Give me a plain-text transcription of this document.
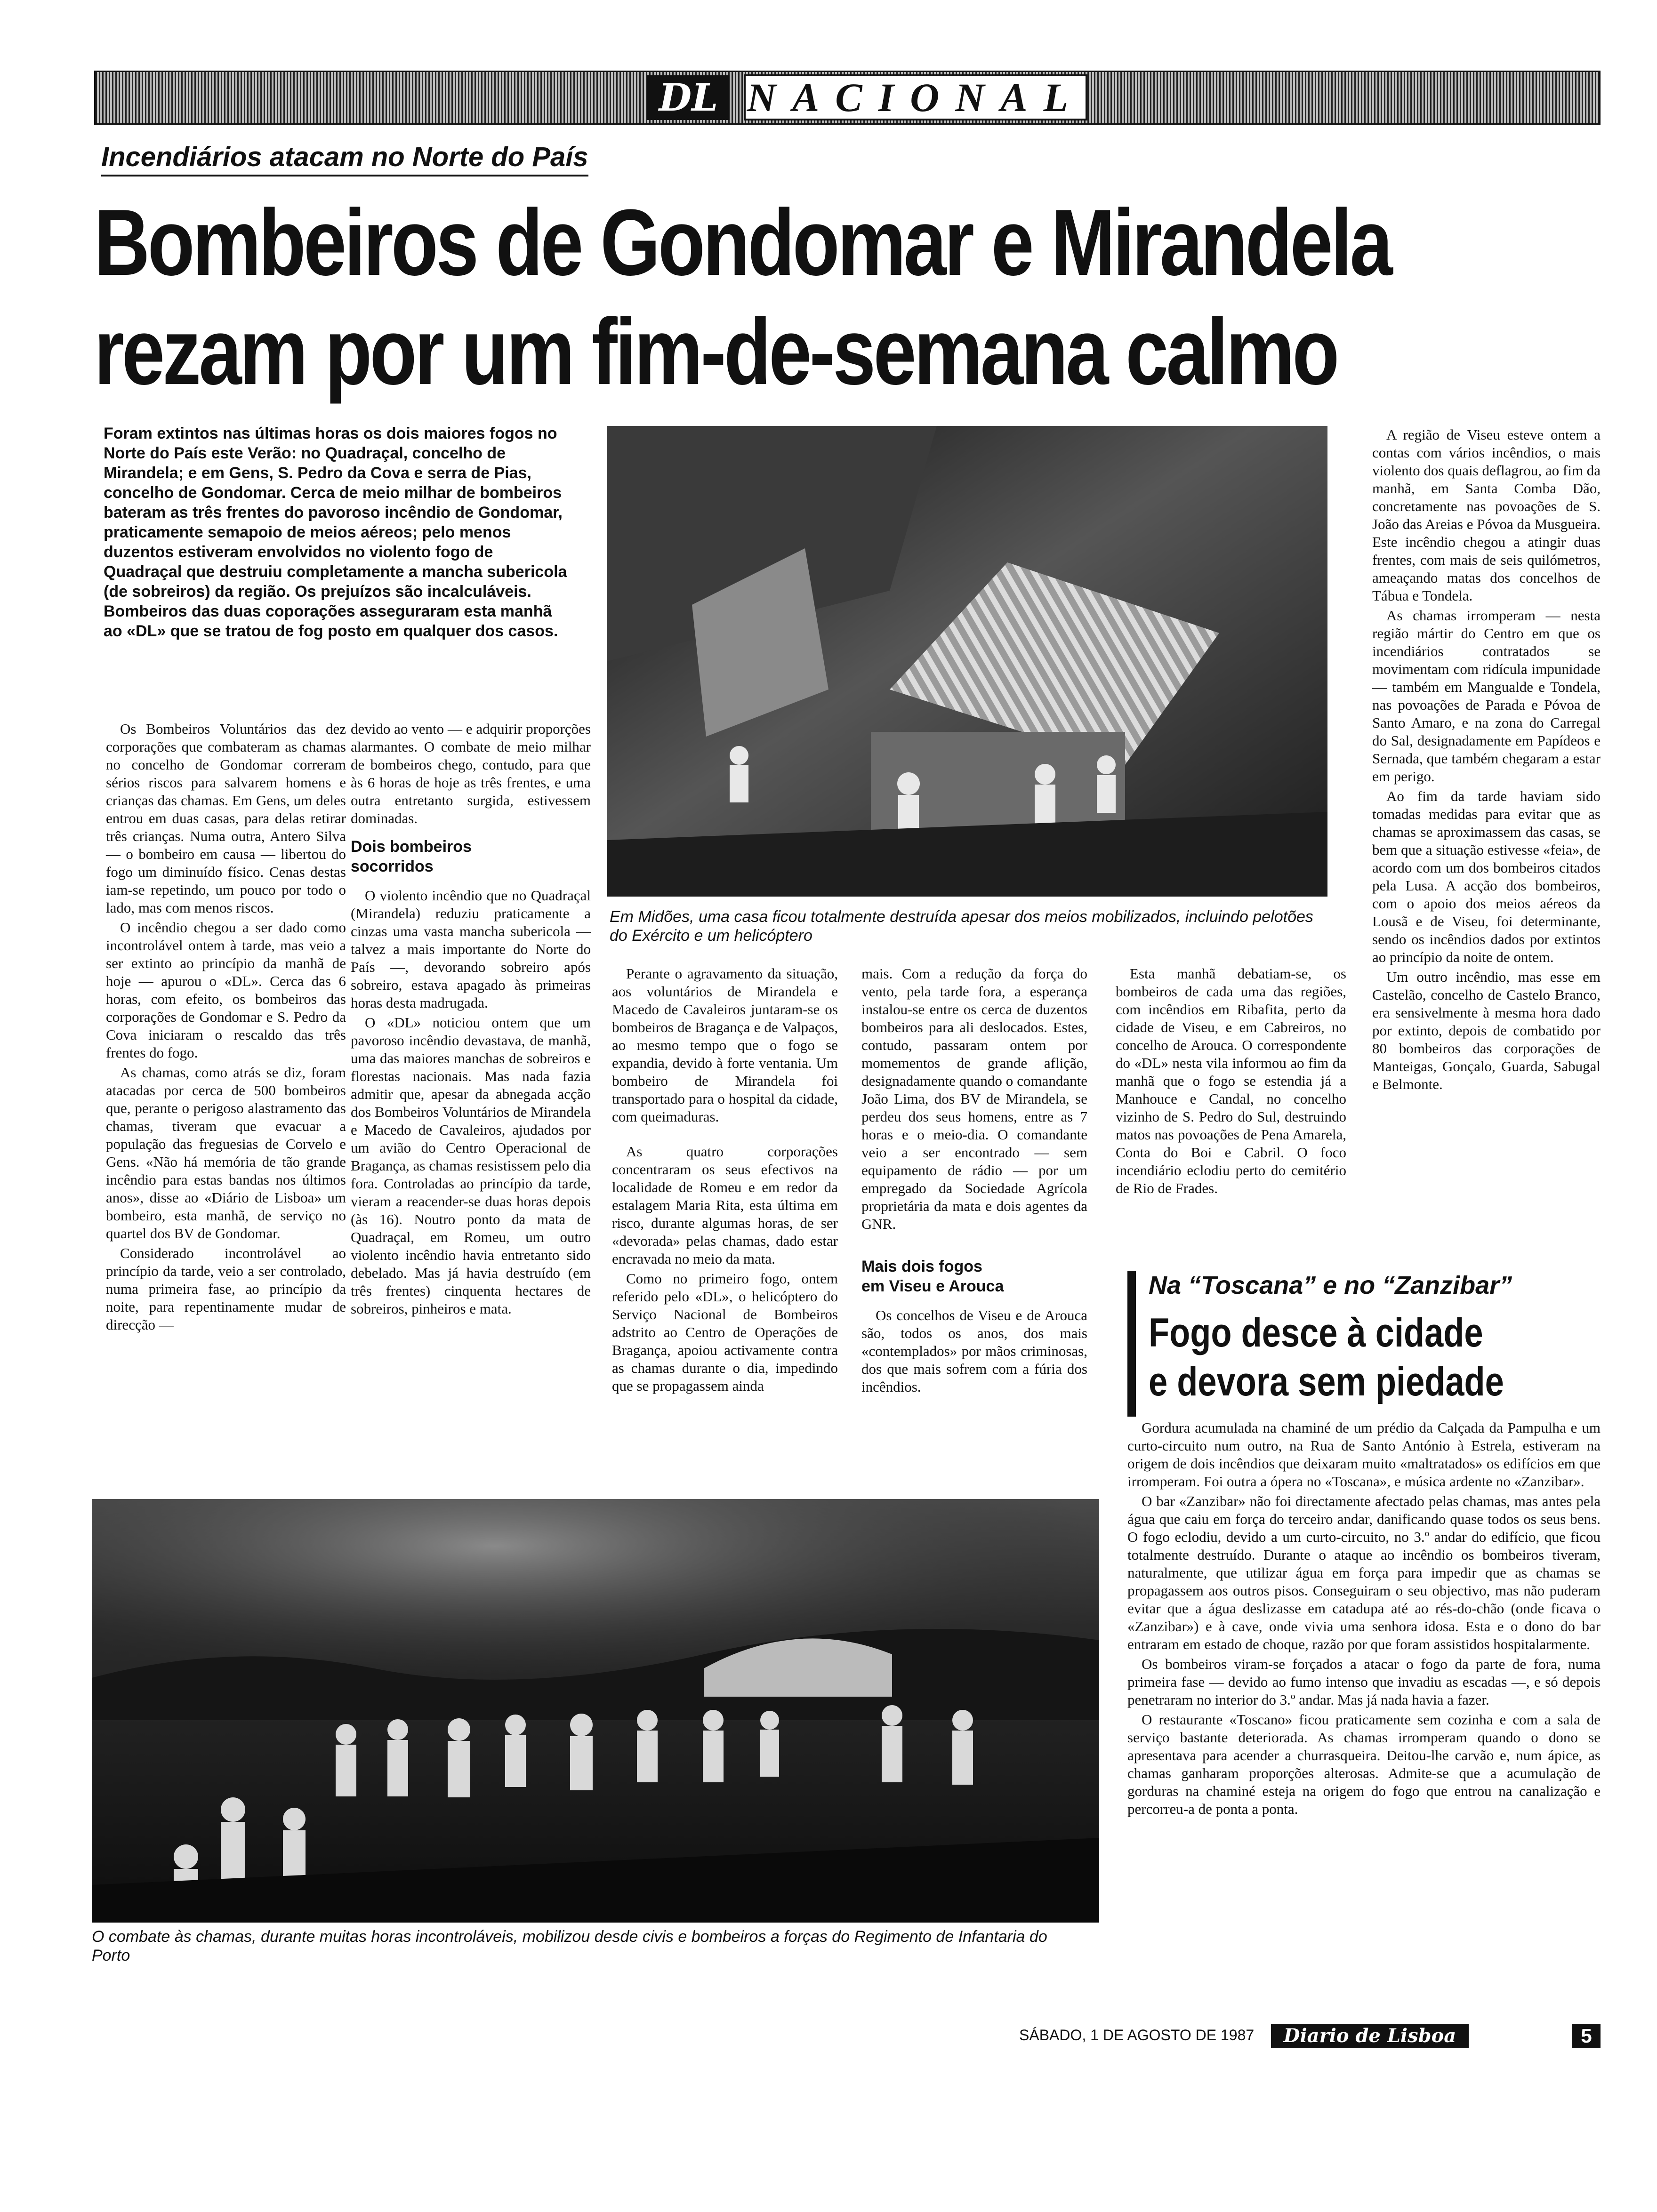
DL NACIONAL
Incendiários atacam no Norte do País
Bombeiros de Gondomar e Mirandela
rezam por um fim-de-semana calmo
Foram extintos nas últimas horas os dois maiores fogos no Norte do País este Verão: no Quadraçal, concelho de Mirandela; e em Gens, S. Pedro da Cova e serra de Pias, concelho de Gondomar. Cerca de meio milhar de bombeiros bateram as três frentes do pavoroso incêndio de Gondomar, praticamente semapoio de meios aéreos; pelo menos duzentos estiveram envolvidos no violento fogo de Quadraçal que destruiu completamente a mancha subericola (de sobreiros) da região. Os prejuízos são incalculáveis. Bombeiros das duas coporações asseguraram esta manhã ao «DL» que se tratou de fog posto em qualquer dos casos.
Em Midões, uma casa ficou totalmente destruída apesar dos meios mobilizados, incluindo pelotões do Exército e um helicóptero

Os Bombeiros Voluntários das dez corporações que combateram as chamas no concelho de Gondomar correram sérios riscos para salvarem homens e crianças das chamas. Em Gens, um deles entrou em duas casas, para delas retirar três crianças. Numa outra, Antero Silva — o bombeiro em causa — libertou do fogo um diminuído físico. Cenas destas iam-se repetindo, um pouco por todo o lado, mas com menos riscos.

O incêndio chegou a ser dado como incontrolável ontem à tarde, mas veio a ser extinto ao princípio da manhã de hoje — apurou o «DL». Cerca das 6 horas, com efeito, os bombeiros das corporações de Gondomar e S. Pedro da Cova iniciaram o rescaldo das três frentes do fogo.

As chamas, como atrás se diz, foram atacadas por cerca de 500 bombeiros que, perante o perigoso alastramento das chamas, tiveram que evacuar a população das freguesias de Corvelo e Gens. «Não há memória de tão grande incêndio para estas bandas nos últimos anos», disse ao «Diário de Lisboa» um bombeiro, esta manhã, de serviço no quartel dos BV de Gondomar.

Considerado incontrolável ao princípio da tarde, veio a ser controlado, numa primeira fase, ao princípio da noite, para repentinamente mudar de direcção —

devido ao vento — e adquirir proporções alarmantes. O combate de meio milhar de bombeiros chego, contudo, para que às 6 horas de hoje as três frentes, e uma outra entretanto surgida, estivessem dominadas.

Dois bombeiros
socorridos

O violento incêndio que no Quadraçal (Mirandela) reduziu praticamente a cinzas uma vasta mancha subericola — talvez a mais importante do Norte do País —, devorando sobreiro após sobreiro, estava apagado às primeiras horas desta madrugada.

O «DL» noticiou ontem que um pavoroso incêndio devastava, de manhã, uma das maiores manchas de sobreiros e florestas nacionais. Mas nada fazia admitir que, apesar da abnegada acção dos Bombeiros Voluntários de Mirandela e Macedo de Cavaleiros, ajudados por um avião do Centro Operacional de Bragança, as chamas resistissem pelo dia fora. Controladas ao princípio da tarde, vieram a reacender-se duas horas depois (às 16). Noutro ponto da mata de Quadraçal, em Romeu, um outro violento incêndio havia entretanto sido debelado. Mas já havia destruído (em três frentes) cinquenta hectares de sobreiros, pinheiros e mata.

Perante o agravamento da situação, aos voluntários de Mirandela e Macedo de Cavaleiros juntaram-se os bombeiros de Bragança e de Valpaços, ao mesmo tempo que o fogo se expandia, devido à forte ventania. Um bombeiro de Mirandela foi transportado para o hospital da cidade, com queimaduras.

As quatro corporações concentraram os seus efectivos na localidade de Romeu e em redor da estalagem Maria Rita, esta última em risco, durante algumas horas, de ser «devorada» pelas chamas, dado estar encravada no meio da mata.

Como no primeiro fogo, ontem referido pelo «DL», o helicóptero do Serviço Nacional de Bombeiros adstrito ao Centro de Operações de Bragança, apoiou activamente contra as chamas durante o dia, impedindo que se propagassem ainda

mais. Com a redução da força do vento, pela tarde fora, a esperança instalou-se entre os cerca de duzentos bombeiros para ali deslocados. Estes, contudo, passaram ontem por momementos de grande aflição, designadamente quando o comandante João Lima, dos BV de Mirandela, se perdeu dos seus homens, entre as 7 horas e o meio-dia. O comandante veio a ser encontrado — sem equipamento de rádio — por um empregado da Sociedade Agrícola proprietária da mata e dois agentes da GNR.

Mais dois fogos
em Viseu e Arouca

Os concelhos de Viseu e de Arouca são, todos os anos, dos mais «contemplados» por mãos criminosas, dos que mais sofrem com a fúria dos incêndios.

Esta manhã debatiam-se, os bombeiros de cada uma das regiões, com incêndios em Ribafita, perto da cidade de Viseu, e em Cabreiros, no concelho de Arouca. O correspondente do «DL» nesta vila informou ao fim da manhã que o fogo se estendia já a Manhouce e Candal, no concelho vizinho de S. Pedro do Sul, destruindo matos nas povoações de Pena Amarela, Conta do Boi e Cabril. O foco incendiário eclodiu perto do cemitério de Rio de Frades.

A região de Viseu esteve ontem a contas com vários incêndios, o mais violento dos quais deflagrou, ao fim da manhã, em Santa Comba Dão, concretamente nas povoações de S. João das Areias e Póvoa da Musgueira. Este incêndio chegou a atingir duas frentes, com mais de seis quilómetros, ameaçando matas dos concelhos de Tábua e Tondela.

As chamas irromperam — nesta região mártir do Centro em que os incendiários contratados se movimentam com ridícula impunidade — também em Mangualde e Tondela, nas povoações de Parada e Póvoa de Santo Amaro, e na zona do Carregal do Sal, designadamente em Papídeos e Sernada, que também chegaram a estar em perigo.

Ao fim da tarde haviam sido tomadas medidas para evitar que as chamas se aproximassem das casas, se bem que a situação estivesse «feia», de acordo com um dos bombeiros citados pela Lusa. A acção dos bombeiros, com o apoio dos meios aéreos da Lousã e de Viseu, foi determinante, sendo os incêndios dados por extintos ao princípio da noite de ontem.

Um outro incêndio, mas esse em Castelão, concelho de Castelo Branco, era sensivelmente à mesma hora dado por extinto, depois de combatido por 80 bombeiros das corporações de Manteigas, Gonçalo, Guarda, Sabugal e Belmonte.

Na “Toscana” e no “Zanzibar”
Fogo desce à cidade
e devora sem piedade

Gordura acumulada na chaminé de um prédio da Calçada da Pampulha e um curto-circuito num outro, na Rua de Santo António à Estrela, estiveram na origem de dois incêndios que deixaram muito «maltratados» os edifícios em que irromperam. Foi outra a ópera no «Toscana», e música ardente no «Zanzibar».

O bar «Zanzibar» não foi directamente afectado pelas chamas, mas antes pela água que caiu em força do terceiro andar, danificando quase todos os seus bens. O fogo eclodiu, devido a um curto-circuito, no 3.º andar do edifício, que ficou totalmente destruído. Durante o ataque ao incêndio os bombeiros tiveram, naturalmente, que utilizar água em força para impedir que as chamas se propagassem aos outros pisos. Conseguiram o seu objectivo, mas não puderam evitar que a água deslizasse em catadupa até ao rés-do-chão (onde ficava o «Zanzibar») e à cave, onde vivia uma senhora idosa. Esta e o dono do bar entraram em estado de choque, razão por que foram assistidos hospitalarmente.

Os bombeiros viram-se forçados a atacar o fogo da parte de fora, numa primeira fase — devido ao fumo intenso que invadiu as escadas —, e só depois penetraram no interior do 3.º andar. Mas já nada havia a fazer.

O restaurante «Toscano» ficou praticamente sem cozinha e com a sala de serviço bastante deteriorada. As chamas irromperam quando o dono se apresentava para acender a churrasqueira. Deitou-lhe carvão e, num ápice, as chamas ganharam proporções alterosas. Admite-se que a acumulação de gorduras na chaminé esteja na origem do fogo que entrou na canalização e percorreu-a de ponta a ponta.

O combate às chamas, durante muitas horas incontroláveis, mobilizou desde civis e bombeiros a forças do Regimento de Infantaria do Porto
SÁBADO, 1 DE AGOSTO DE 1987	Diario de Lisboa	5
